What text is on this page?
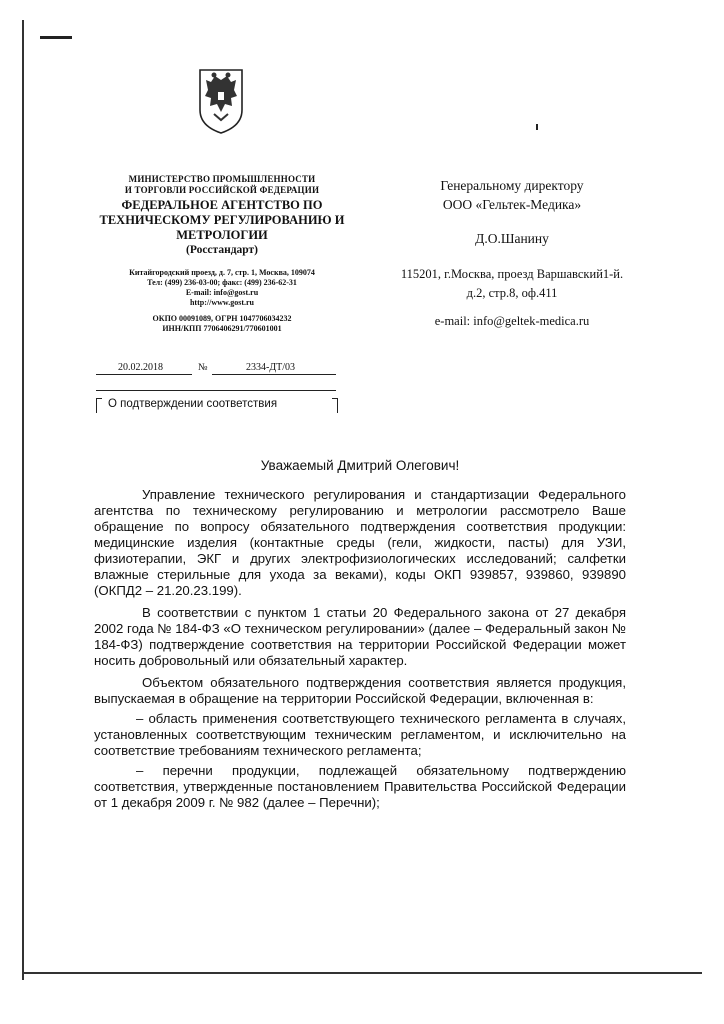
МИНИСТЕРСТВО ПРОМЫШЛЕННОСТИ
И ТОРГОВЛИ РОССИЙСКОЙ ФЕДЕРАЦИИ
ФЕДЕРАЛЬНОЕ АГЕНТСТВО ПО
ТЕХНИЧЕСКОМУ РЕГУЛИРОВАНИЮ И
МЕТРОЛОГИИ
(Росстандарт)
Китайгородский проезд, д. 7, стр. 1, Москва, 109074
Тел: (499) 236-03-00; факс: (499) 236-62-31
E-mail: info@gost.ru
http://www.gost.ru
ОКПО 00091089, ОГРН 1047706034232
ИНН/КПП 7706406291/770601001
20.02.2018	№	2334-ДТ/03
О подтверждении соответствия
Генеральному директору
ООО «Гельтек-Медика»
Д.О.Шанину
115201, г.Москва, проезд Варшавский1-й.
д.2, стр.8, оф.411
e-mail: info@geltek-medica.ru
Уважаемый Дмитрий Олегович!
Управление технического регулирования и стандартизации Федерального агентства по техническому регулированию и метрологии рассмотрело Ваше обращение по вопросу обязательного подтверждения соответствия продукции: медицинские изделия (контактные среды (гели, жидкости, пасты) для УЗИ, физиотерапии, ЭКГ и других электрофизиологических исследований; салфетки влажные стерильные для ухода за веками), коды ОКП 939857, 939860, 939890 (ОКПД2 – 21.20.23.199).
В соответствии с пунктом 1 статьи 20 Федерального закона от 27 декабря 2002 года № 184-ФЗ «О техническом регулировании» (далее – Федеральный закон № 184-ФЗ) подтверждение соответствия на территории Российской Федерации может носить добровольный или обязательный характер.
Объектом обязательного подтверждения соответствия является продукция, выпускаемая в обращение на территории Российской Федерации, включенная в:
– область применения соответствующего технического регламента в случаях, установленных соответствующим техническим регламентом, и исключительно на соответствие требованиям технического регламента;
– перечни продукции, подлежащей обязательному подтверждению соответствия, утвержденные постановлением Правительства Российской Федерации от 1 декабря 2009 г. № 982 (далее – Перечни);
